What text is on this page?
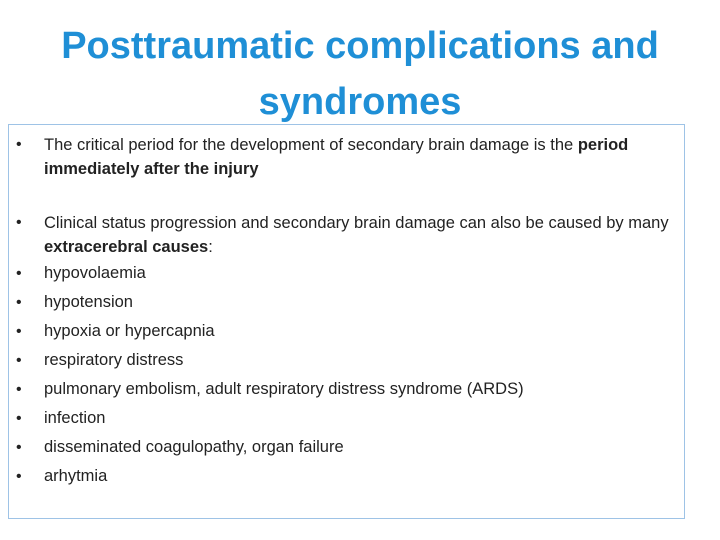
Posttraumatic complications and syndromes
• The critical period for the development of secondary brain damage is the period immediately after the injury
• Clinical status progression and secondary brain damage can also be caused by many extracerebral causes:
• hypovolaemia
• hypotension
• hypoxia or hypercapnia
• respiratory distress
• pulmonary embolism, adult respiratory distress syndrome (ARDS)
• infection
• disseminated coagulopathy, organ failure
• arhytmia
